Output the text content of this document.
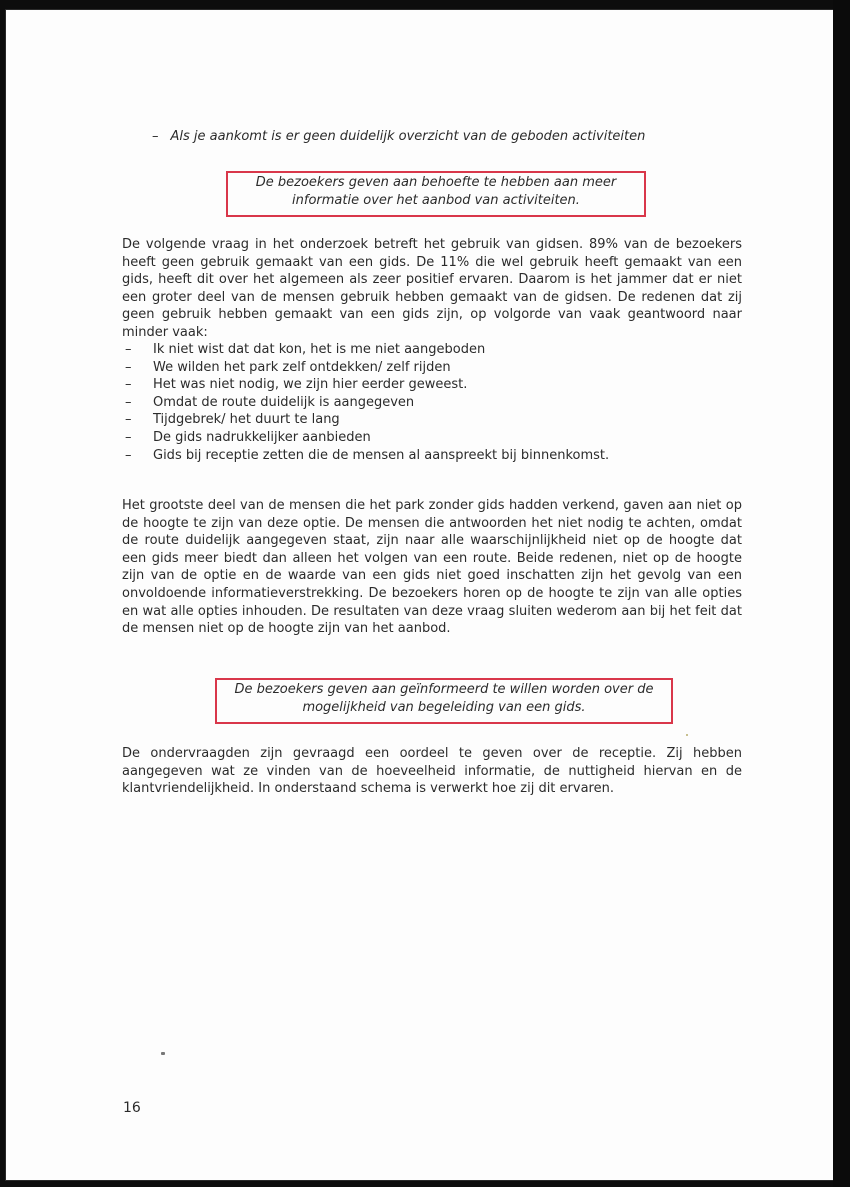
– Als je aankomt is er geen duidelijk overzicht van de geboden activiteiten
De bezoekers geven aan behoefte te hebben aan meer
informatie over het aanbod van activiteiten.
De volgende vraag in het onderzoek betreft het gebruik van gidsen. 89% van de bezoekers heeft geen gebruik gemaakt van een gids. De 11% die wel gebruik heeft gemaakt van een gids, heeft dit over het algemeen als zeer positief ervaren. Daarom is het jammer dat er niet een groter deel van de mensen gebruik hebben gemaakt van de gidsen. De redenen dat zij geen gebruik hebben gemaakt van een gids zijn, op volgorde van vaak geantwoord naar minder vaak:
– Ik niet wist dat dat kon, het is me niet aangeboden
– We wilden het park zelf ontdekken/ zelf rijden
– Het was niet nodig, we zijn hier eerder geweest.
– Omdat de route duidelijk is aangegeven
– Tijdgebrek/ het duurt te lang
– De gids nadrukkelijker aanbieden
– Gids bij receptie zetten die de mensen al aanspreekt bij binnenkomst.
Het grootste deel van de mensen die het park zonder gids hadden verkend, gaven aan niet op de hoogte te zijn van deze optie. De mensen die antwoorden het niet nodig te achten, omdat de route duidelijk aangegeven staat, zijn naar alle waarschijnlijkheid niet op de hoogte dat een gids meer biedt dan alleen het volgen van een route. Beide redenen, niet op de hoogte zijn van de optie en de waarde van een gids niet goed inschatten zijn het gevolg van een onvoldoende informatieverstrekking. De bezoekers horen op de hoogte te zijn van alle opties en wat alle opties inhouden. De resultaten van deze vraag sluiten wederom aan bij het feit dat de mensen niet op de hoogte zijn van het aanbod.
De bezoekers geven aan geïnformeerd te willen worden over de
mogelijkheid van begeleiding van een gids.
De ondervraagden zijn gevraagd een oordeel te geven over de receptie. Zij hebben aangegeven wat ze vinden van de hoeveelheid informatie, de nuttigheid hiervan en de klantvriendelijkheid. In onderstaand schema is verwerkt hoe zij dit ervaren.
16
